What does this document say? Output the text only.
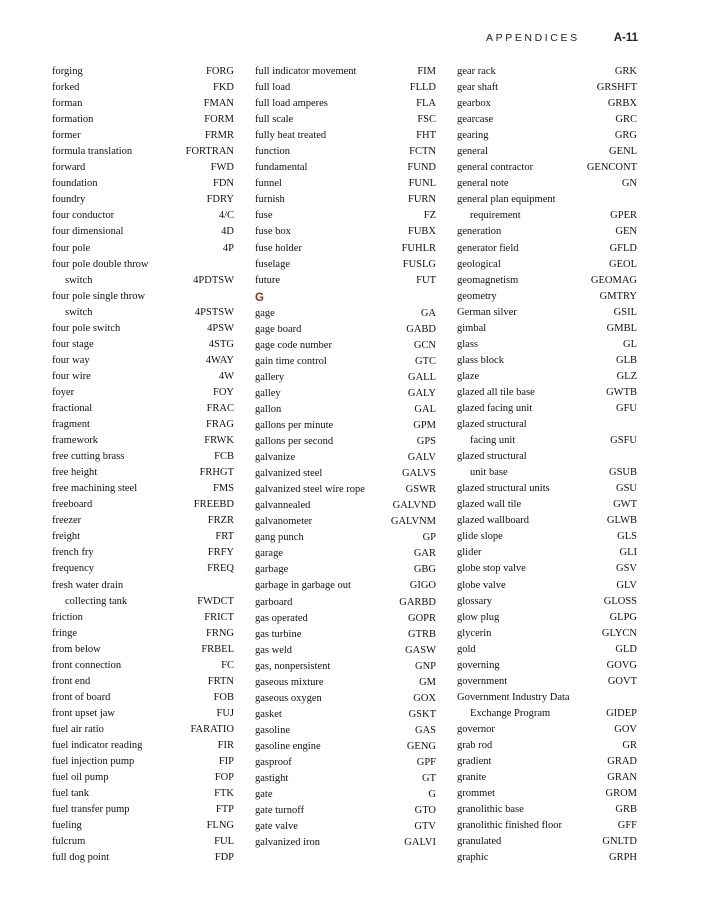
APPENDICES	A-11
forging	FORG
forked	FKD
forman	FMAN
formation	FORM
former	FRMR
formula translation	FORTRAN
forward	FWD
foundation	FDN
foundry	FDRY
four conductor	4/C
four dimensional	4D
four pole	4P
four pole double throw
switch	4PDTSW
four pole single throw
switch	4PSTSW
four pole switch	4PSW
four stage	4STG
four way	4WAY
four wire	4W
foyer	FOY
fractional	FRAC
fragment	FRAG
framework	FRWK
free cutting brass	FCB
free height	FRHGT
free machining steel	FMS
freeboard	FREEBD
freezer	FRZR
freight	FRT
french fry	FRFY
frequency	FREQ
fresh water drain
collecting tank	FWDCT
friction	FRICT
fringe	FRNG
from below	FRBEL
front connection	FC
front end	FRTN
front of board	FOB
front upset jaw	FUJ
fuel air ratio	FARATIO
fuel indicator reading	FIR
fuel injection pump	FIP
fuel oil pump	FOP
fuel tank	FTK
fuel transfer pump	FTP
fueling	FLNG
fulcrum	FUL
full dog point	FDP
full indicator movement	FIM
full load	FLLD
full load amperes	FLA
full scale	FSC
fully heat treated	FHT
function	FCTN
fundamental	FUND
funnel	FUNL
furnish	FURN
fuse	FZ
fuse box	FUBX
fuse holder	FUHLR
fuselage	FUSLG
future	FUT
G
gage	GA
gage board	GABD
gage code number	GCN
gain time control	GTC
gallery	GALL
galley	GALY
gallon	GAL
gallons per minute	GPM
gallons per second	GPS
galvanize	GALV
galvanized steel	GALVS
galvanized steel wire rope	GSWR
galvannealed	GALVND
galvanometer	GALVNM
gang punch	GP
garage	GAR
garbage	GBG
garbage in garbage out	GIGO
garboard	GARBD
gas operated	GOPR
gas turbine	GTRB
gas weld	GASW
gas, nonpersistent	GNP
gaseous mixture	GM
gaseous oxygen	GOX
gasket	GSKT
gasoline	GAS
gasoline engine	GENG
gasproof	GPF
gastight	GT
gate	G
gate turnoff	GTO
gate valve	GTV
galvanized iron	GALVI
gear rack	GRK
gear shaft	GRSHFT
gearbox	GRBX
gearcase	GRC
gearing	GRG
general	GENL
general contractor	GENCONT
general note	GN
general plan equipment
requirement	GPER
generation	GEN
generator field	GFLD
geological	GEOL
geomagnetism	GEOMAG
geometry	GMTRY
German silver	GSIL
gimbal	GMBL
glass	GL
glass block	GLB
glaze	GLZ
glazed all tile base	GWTB
glazed facing unit	GFU
glazed structural
facing unit	GSFU
glazed structural
unit base	GSUB
glazed structural units	GSU
glazed wall tile	GWT
glazed wallboard	GLWB
glide slope	GLS
glider	GLI
globe stop valve	GSV
globe valve	GLV
glossary	GLOSS
glow plug	GLPG
glycerin	GLYCN
gold	GLD
governing	GOVG
government	GOVT
Government Industry Data
Exchange Program	GIDEP
governor	GOV
grab rod	GR
gradient	GRAD
granite	GRAN
grommet	GROM
granolithic base	GRB
granolithic finished floor	GFF
granulated	GNLTD
graphic	GRPH
